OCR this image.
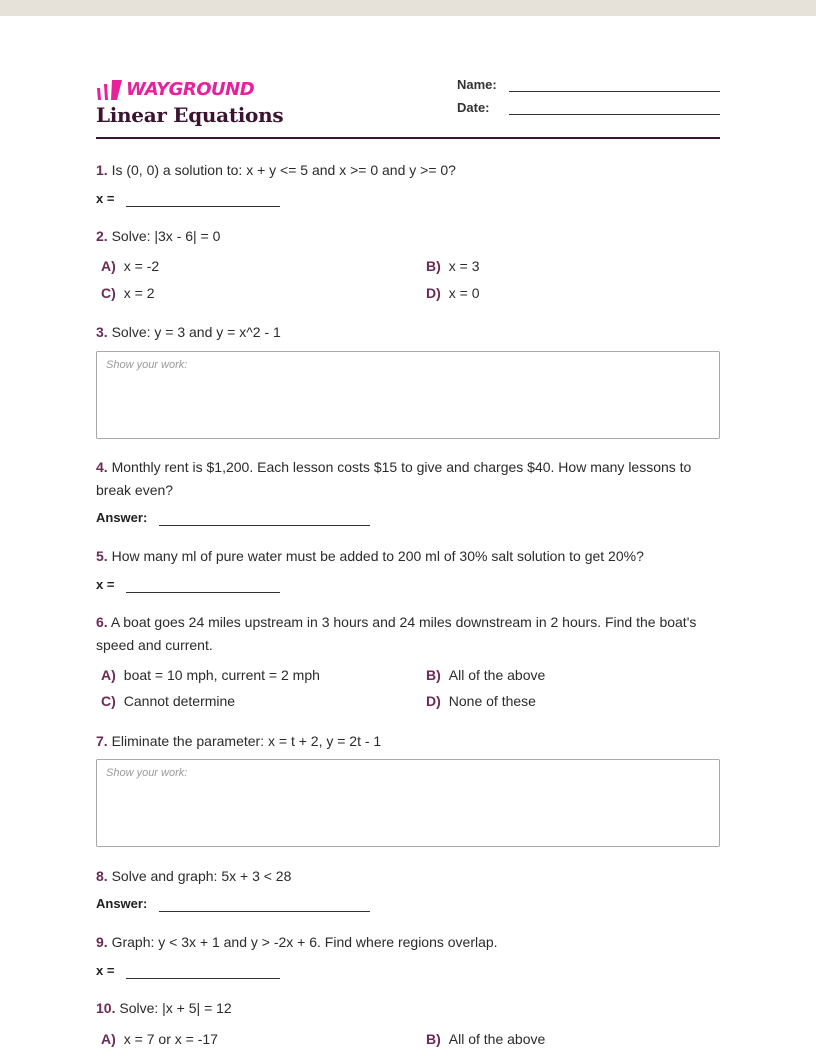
WAYGROUND
Linear Equations
Name:
Date:
1. Is (0, 0) a solution to: x + y <= 5 and x >= 0 and y >= 0?
x =
2. Solve: |3x - 6| = 0
A) x = -2	B) x = 3
C) x = 2	D) x = 0
3. Solve: y = 3 and y = x^2 - 1
Show your work:
4. Monthly rent is $1,200. Each lesson costs $15 to give and charges $40. How many lessons to break even?
Answer:
5. How many ml of pure water must be added to 200 ml of 30% salt solution to get 20%?
x =
6. A boat goes 24 miles upstream in 3 hours and 24 miles downstream in 2 hours. Find the boat's speed and current.
A) boat = 10 mph, current = 2 mph	B) All of the above
C) Cannot determine	D) None of these
7. Eliminate the parameter: x = t + 2, y = 2t - 1
Show your work:
8. Solve and graph: 5x + 3 < 28
Answer:
9. Graph: y < 3x + 1 and y > -2x + 6. Find where regions overlap.
x =
10. Solve: |x + 5| = 12
A) x = 7 or x = -17	B) All of the above
